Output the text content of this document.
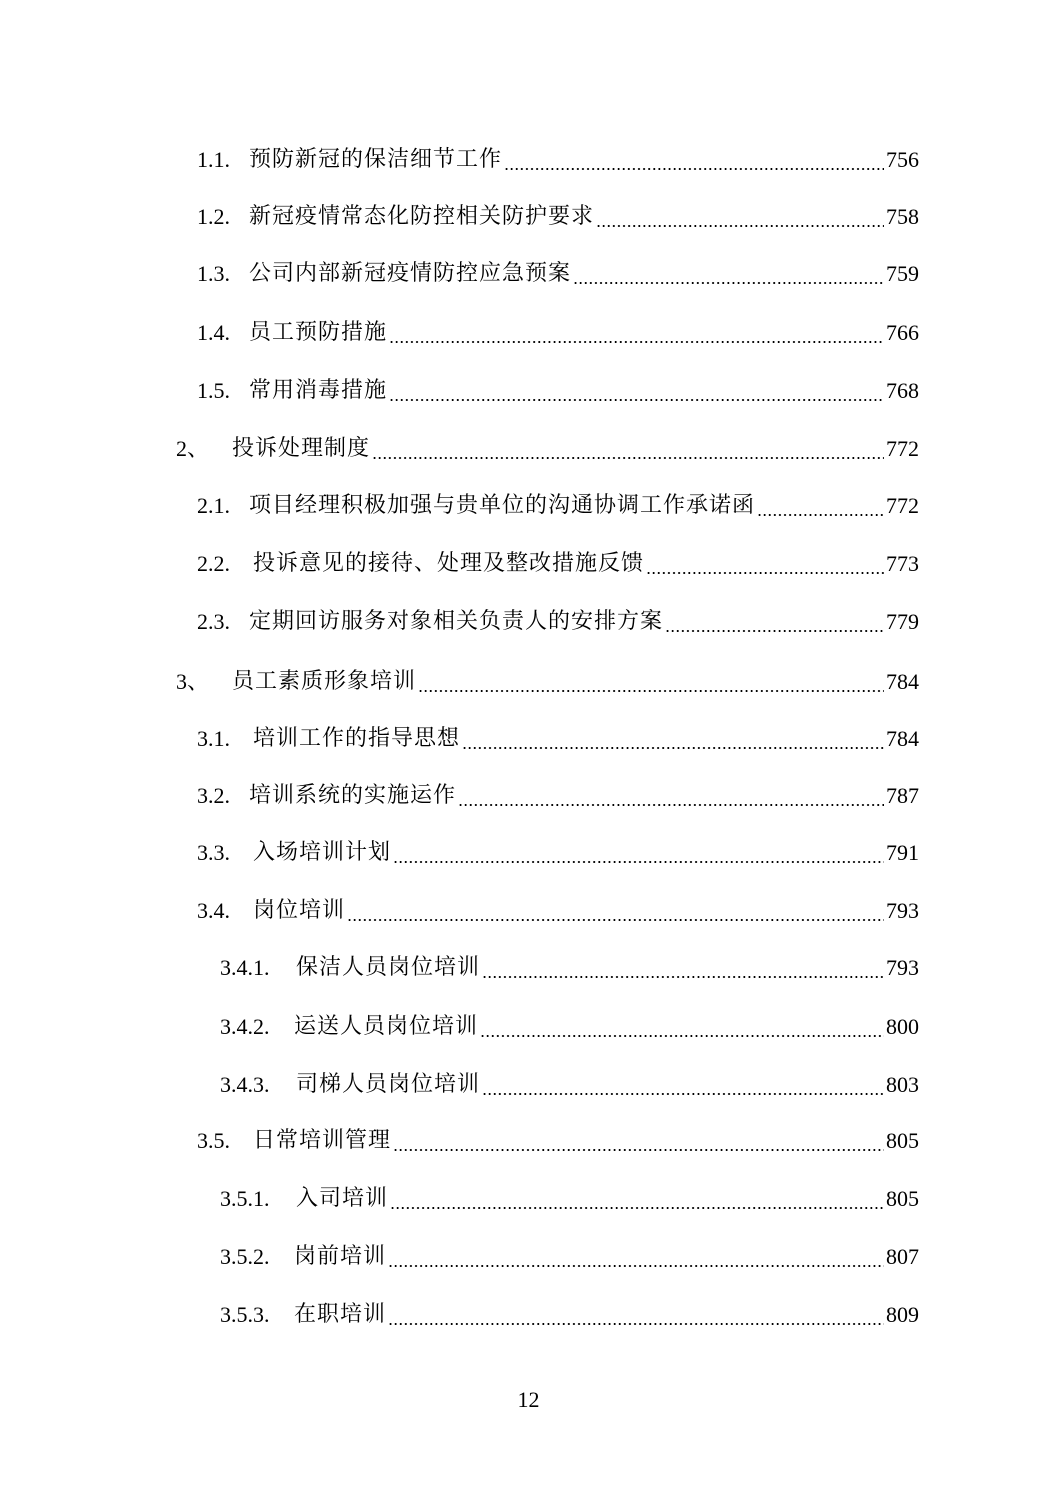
1.1. 预防新冠的保洁细节工作	756
1.2. 新冠疫情常态化防控相关防护要求	758
1.3. 公司内部新冠疫情防控应急预案	759
1.4. 员工预防措施	766
1.5. 常用消毒措施	768
2、	投诉处理制度	772
2.1. 项目经理积极加强与贵单位的沟通协调工作承诺函	772
2.2.	投诉意见的接待、处理及整改措施反馈	773
2.3. 定期回访服务对象相关负责人的安排方案	779
3、	员工素质形象培训	784
3.1.	培训工作的指导思想	784
3.2. 培训系统的实施运作	787
3.3.	入场培训计划	791
3.4.	岗位培训	793
3.4.1.	保洁人员岗位培训	793
3.4.2.	运送人员岗位培训	800
3.4.3.	司梯人员岗位培训	803
3.5.	日常培训管理	805
3.5.1.	入司培训	805
3.5.2.	岗前培训	807
3.5.3.	在职培训	809
12
